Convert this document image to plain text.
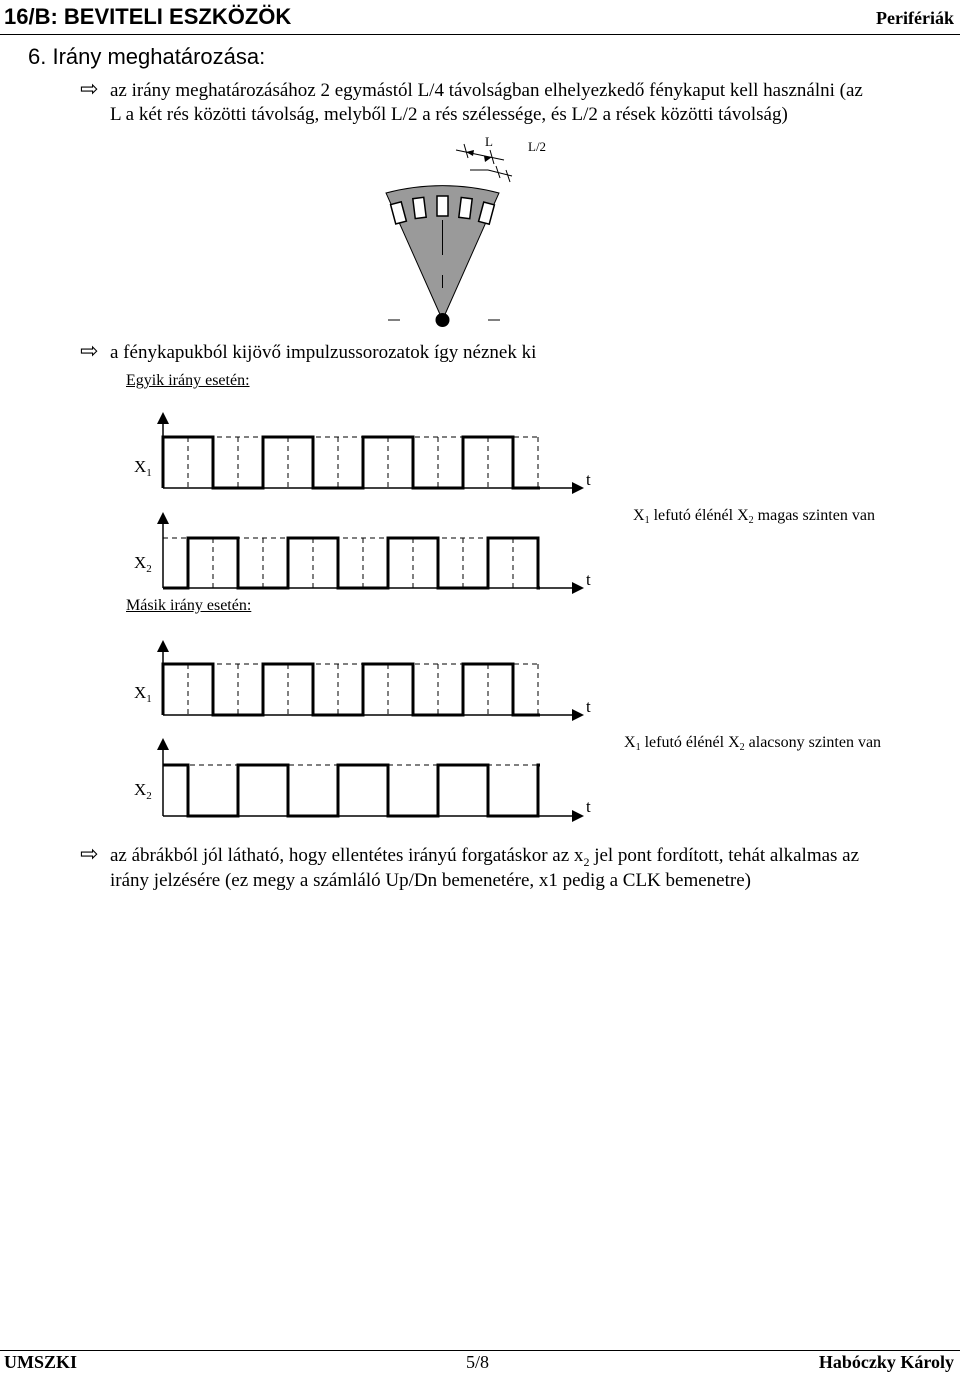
16/B: BEVITELI ESZKÖZÖK	Perifériák
6. Irány meghatározása:
⇨ az irány meghatározásához 2 egymástól L/4 távolságban elhelyezkedő fénykaput kell használni (az
L a két rés közötti távolság, melyből L/2 a rés szélessége, és L/2 a rések közötti távolság)
L	L/2
⇨ a fénykapukból kijövő impulzussorozatok így néznek ki
Egyik irány esetén:
$X_1$	t
$X_2$
t
X1 lefutó élénél X2 magas szinten van
$X_1$	t
$X_2$
t
X1 lefutó élénél X2 alacsony szinten van
Másik irány esetén:
⇨ az ábrákból jól látható, hogy ellentétes irányú forgatáskor az $x_2$ jel pont fordított, tehát alkalmas az
irány jelzésére (ez megy a számláló Up/Dn bemenetére, x1 pedig a CLK bemenetre)
UMSZKI	5/8	Habóczky Károly
